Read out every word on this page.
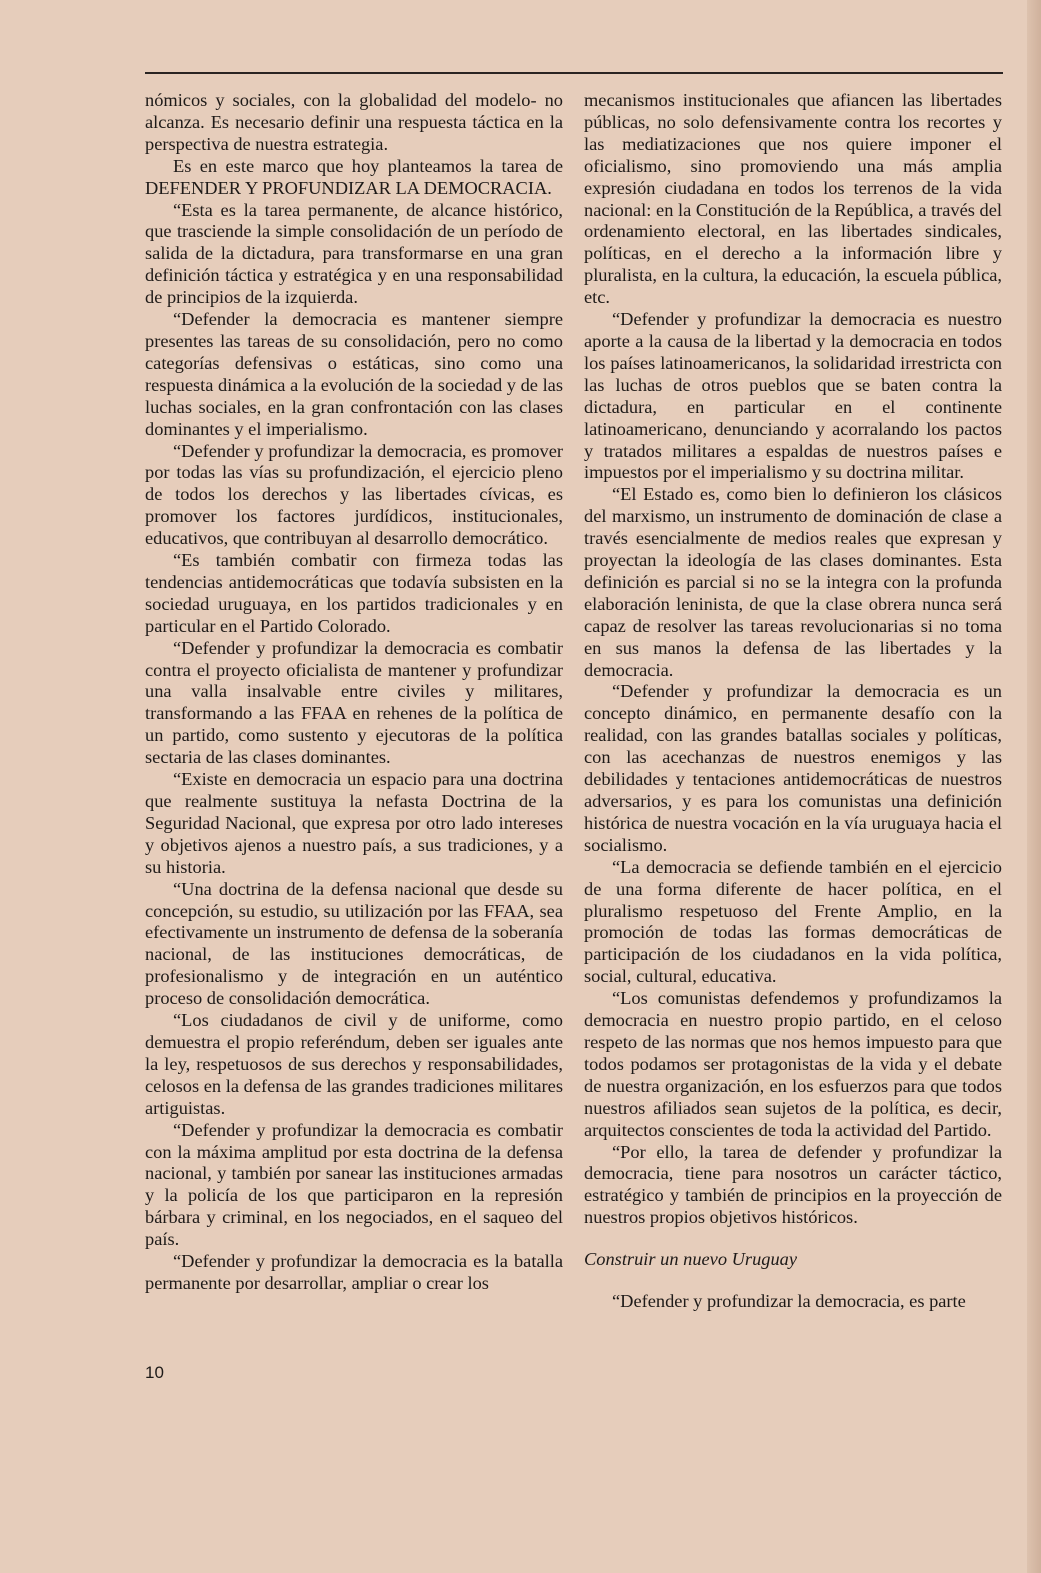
nómicos y sociales, con la globalidad del modelo- no alcanza. Es necesario definir una respuesta táctica en la perspectiva de nuestra estrategia.

Es en este marco que hoy planteamos la tarea de DEFENDER Y PROFUNDIZAR LA DEMOCRACIA.

“Esta es la tarea permanente, de alcance histórico, que trasciende la simple consolidación de un período de salida de la dictadura, para transformarse en una gran definición táctica y estratégica y en una responsabilidad de principios de la izquierda.

“Defender la democracia es mantener siempre presentes las tareas de su consolidación, pero no como categorías defensivas o estáticas, sino como una respuesta dinámica a la evolución de la sociedad y de las luchas sociales, en la gran confrontación con las clases dominantes y el imperialismo.

“Defender y profundizar la democracia, es promover por todas las vías su profundización, el ejercicio pleno de todos los derechos y las libertades cívicas, es promover los factores jurdídicos, institucionales, educativos, que contribuyan al desarrollo democrático.

“Es también combatir con firmeza todas las tendencias antidemocráticas que todavía subsisten en la sociedad uruguaya, en los partidos tradicionales y en particular en el Partido Colorado.

“Defender y profundizar la democracia es combatir contra el proyecto oficialista de mantener y profundizar una valla insalvable entre civiles y militares, transformando a las FFAA en rehenes de la política de un partido, como sustento y ejecutoras de la política sectaria de las clases dominantes.

“Existe en democracia un espacio para una doctrina que realmente sustituya la nefasta Doctrina de la Seguridad Nacional, que expresa por otro lado intereses y objetivos ajenos a nuestro país, a sus tradiciones, y a su historia.

“Una doctrina de la defensa nacional que desde su concepción, su estudio, su utilización por las FFAA, sea efectivamente un instrumento de defensa de la soberanía nacional, de las instituciones democráticas, de profesionalismo y de integración en un auténtico proceso de consolidación democrática.

“Los ciudadanos de civil y de uniforme, como demuestra el propio referéndum, deben ser iguales ante la ley, respetuosos de sus derechos y responsabilidades, celosos en la defensa de las grandes tradiciones militares artiguistas.

“Defender y profundizar la democracia es combatir con la máxima amplitud por esta doctrina de la defensa nacional, y también por sanear las instituciones armadas y la policía de los que participaron en la represión bárbara y criminal, en los negociados, en el saqueo del país.

“Defender y profundizar la democracia es la batalla permanente por desarrollar, ampliar o crear los

mecanismos institucionales que afiancen las libertades públicas, no solo defensivamente contra los recortes y las mediatizaciones que nos quiere imponer el oficialismo, sino promoviendo una más amplia expresión ciudadana en todos los terrenos de la vida nacional: en la Constitución de la República, a través del ordenamiento electoral, en las libertades sindicales, políticas, en el derecho a la información libre y pluralista, en la cultura, la educación, la escuela pública, etc.

“Defender y profundizar la democracia es nuestro aporte a la causa de la libertad y la democracia en todos los países latinoamericanos, la solidaridad irrestricta con las luchas de otros pueblos que se baten contra la dictadura, en particular en el continente latinoamericano, denunciando y acorralando los pactos y tratados militares a espaldas de nuestros países e impuestos por el imperialismo y su doctrina militar.

“El Estado es, como bien lo definieron los clásicos del marxismo, un instrumento de dominación de clase a través esencialmente de medios reales que expresan y proyectan la ideología de las clases dominantes. Esta definición es parcial si no se la integra con la profunda elaboración leninista, de que la clase obrera nunca será capaz de resolver las tareas revolucionarias si no toma en sus manos la defensa de las libertades y la democracia.

“Defender y profundizar la democracia es un concepto dinámico, en permanente desafío con la realidad, con las grandes batallas sociales y políticas, con las acechanzas de nuestros enemigos y las debilidades y tentaciones antidemocráticas de nuestros adversarios, y es para los comunistas una definición histórica de nuestra vocación en la vía uruguaya hacia el socialismo.

“La democracia se defiende también en el ejercicio de una forma diferente de hacer política, en el pluralismo respetuoso del Frente Amplio, en la promoción de todas las formas democráticas de participación de los ciudadanos en la vida política, social, cultural, educativa.

“Los comunistas defendemos y profundizamos la democracia en nuestro propio partido, en el celoso respeto de las normas que nos hemos impuesto para que todos podamos ser protagonistas de la vida y el debate de nuestra organización, en los esfuerzos para que todos nuestros afiliados sean sujetos de la política, es decir, arquitectos conscientes de toda la actividad del Partido.

“Por ello, la tarea de defender y profundizar la democracia, tiene para nosotros un carácter táctico, estratégico y también de principios en la proyección de nuestros propios objetivos históricos.

Construir un nuevo Uruguay

“Defender y profundizar la democracia, es parte

10
